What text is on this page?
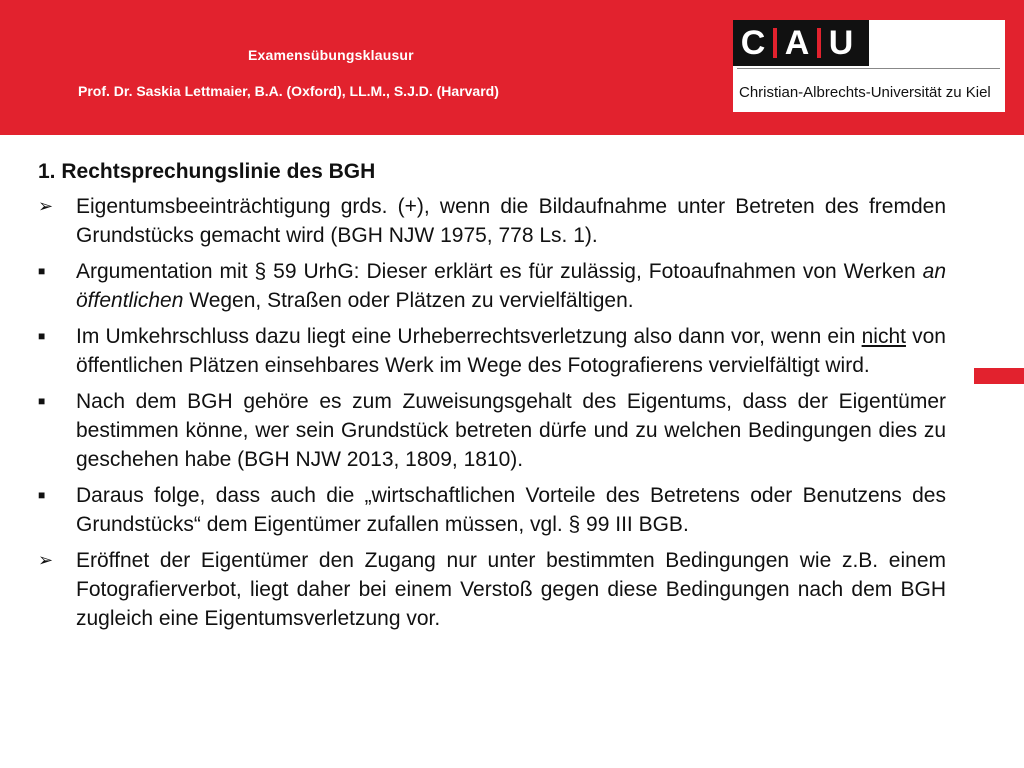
Examensübungsklausur
Prof. Dr. Saskia Lettmaier, B.A. (Oxford), LL.M., S.J.D. (Harvard)
C A U
Christian-Albrechts-Universität zu Kiel
1. Rechtsprechungslinie des BGH
➢	Eigentumsbeeinträchtigung grds. (+), wenn die Bildaufnahme unter Betreten des fremden Grundstücks gemacht wird (BGH NJW 1975, 778 Ls. 1).
■	Argumentation mit § 59 UrhG: Dieser erklärt es für zulässig, Fotoaufnahmen von Werken an öffentlichen Wegen, Straßen oder Plätzen zu vervielfältigen.
■	Im Umkehrschluss dazu liegt eine Urheberrechtsverletzung also dann vor, wenn ein nicht von öffentlichen Plätzen einsehbares Werk im Wege des Fotografierens vervielfältigt wird.
■	Nach dem BGH gehöre es zum Zuweisungsgehalt des Eigentums, dass der Eigentümer bestimmen könne, wer sein Grundstück betreten dürfe und zu welchen Bedingungen dies zu geschehen habe (BGH NJW 2013, 1809, 1810).
■	Daraus folge, dass auch die „wirtschaftlichen Vorteile des Betretens oder Benutzens des Grundstücks“ dem Eigentümer zufallen müssen, vgl. § 99 III BGB.
➢	Eröffnet der Eigentümer den Zugang nur unter bestimmten Bedingungen wie z.B. einem Fotografierverbot, liegt daher bei einem Verstoß gegen diese Bedingungen nach dem BGH zugleich eine Eigentumsverletzung vor.
